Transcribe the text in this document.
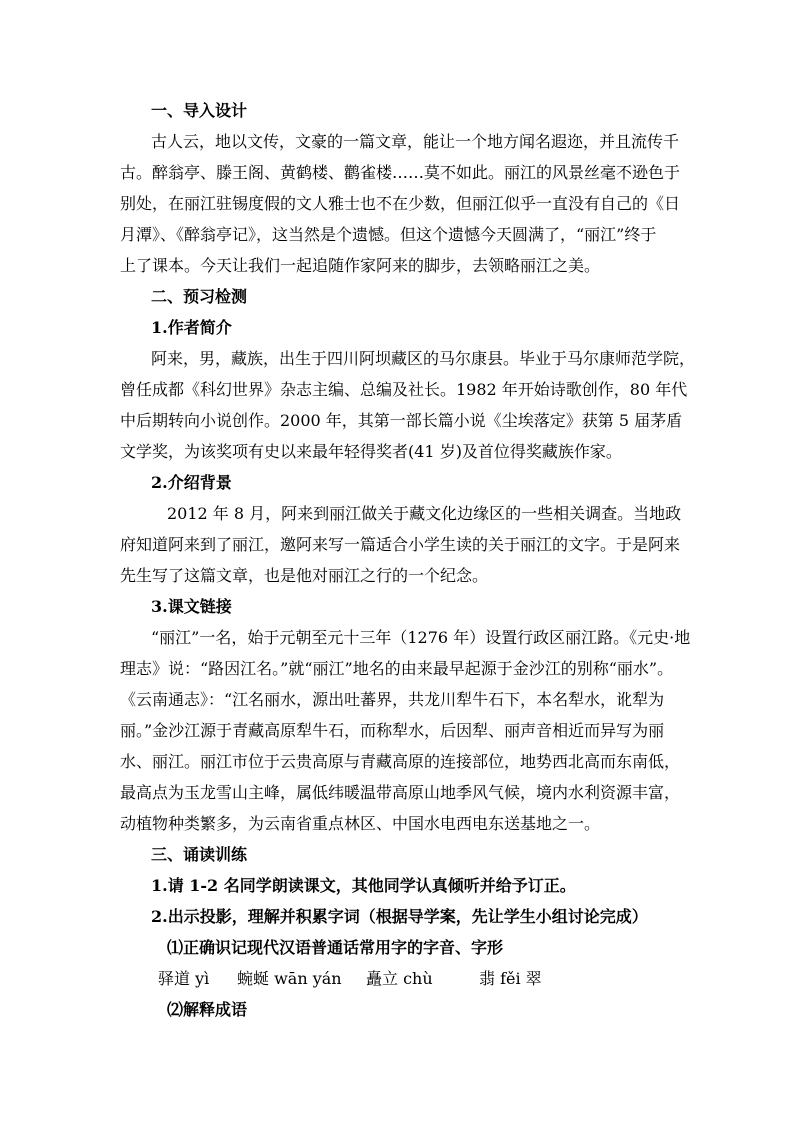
一、导入设计
古人云，地以文传，文豪的一篇文章，能让一个地方闻名遐迩，并且流传千
古。醉翁亭、滕王阁、黄鹤楼、鹳雀楼……莫不如此。丽江的风景丝毫不逊色于
别处，在丽江驻锡度假的文人雅士也不在少数，但丽江似乎一直没有自己的《日
月潭》、《醉翁亭记》，这当然是个遗憾。但这个遗憾今天圆满了，“丽江”终于
上了课本。今天让我们一起追随作家阿来的脚步，去领略丽江之美。
二、预习检测
1.作者简介
阿来，男，藏族，出生于四川阿坝藏区的马尔康县。毕业于马尔康师范学院，
曾任成都《科幻世界》杂志主编、总编及社长。1982 年开始诗歌创作，80 年代
中后期转向小说创作。2000 年，其第一部长篇小说《尘埃落定》获第 5 届茅盾
文学奖，为该奖项有史以来最年轻得奖者(41 岁)及首位得奖藏族作家。
2.介绍背景
2012 年 8 月，阿来到丽江做关于藏文化边缘区的一些相关调查。当地政
府知道阿来到了丽江，邀阿来写一篇适合小学生读的关于丽江的文字。于是阿来
先生写了这篇文章，也是他对丽江之行的一个纪念。
3.课文链接
“丽江”一名，始于元朝至元十三年（1276 年）设置行政区丽江路。《元史·地
理志》说：“路因江名。”就“丽江”地名的由来最早起源于金沙江的别称“丽水”。
《云南通志》：“江名丽水，源出吐蕃界，共龙川犁牛石下，本名犁水，讹犁为
丽。”金沙江源于青藏高原犁牛石，而称犁水，后因犁、丽声音相近而异写为丽
水、丽江。丽江市位于云贵高原与青藏高原的连接部位，地势西北高而东南低，
最高点为玉龙雪山主峰，属低纬暖温带高原山地季风气候，境内水利资源丰富，
动植物种类繁多，为云南省重点林区、中国水电西电东送基地之一。
三、诵读训练
1.请 1-2 名同学朗读课文，其他同学认真倾听并给予订正。
2.出示投影，理解并积累字词（根据导学案，先让学生小组讨论完成）
⑴正确识记现代汉语普通话常用字的字音、字形
驿道 yì	蜿蜒 wān yán	矗立 chù	翡 fěi 翠
⑵解释成语
